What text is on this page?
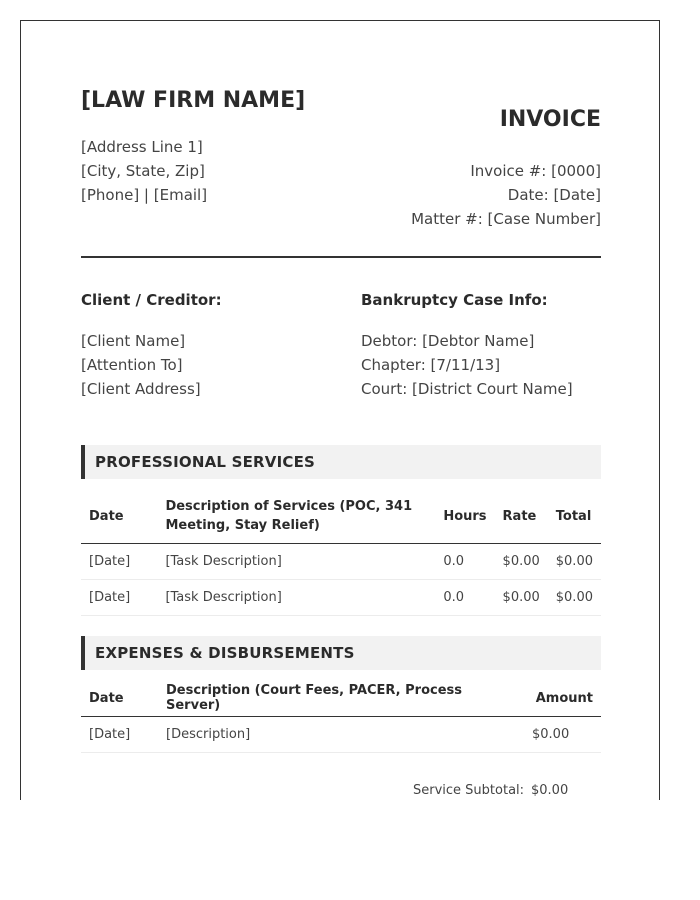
[LAW FIRM NAME]
[Address Line 1]
[City, State, Zip]
[Phone] | [Email]
INVOICE
Invoice #: [0000]
Date: [Date]
Matter #: [Case Number]
Client / Creditor:
[Client Name]
[Attention To]
[Client Address]
Bankruptcy Case Info:
Debtor: [Debtor Name]
Chapter: [7/11/13]
Court: [District Court Name]
PROFESSIONAL SERVICES
Date	Description of Services (POC, 341 Meeting, Stay Relief)	Hours	Rate	Total
[Date]	[Task Description]	0.0	$0.00	$0.00
[Date]	[Task Description]	0.0	$0.00	$0.00
EXPENSES & DISBURSEMENTS
Date	Description (Court Fees, PACER, Process Server)	Amount
[Date]	[Description]	$0.00
Service Subtotal: $0.00
